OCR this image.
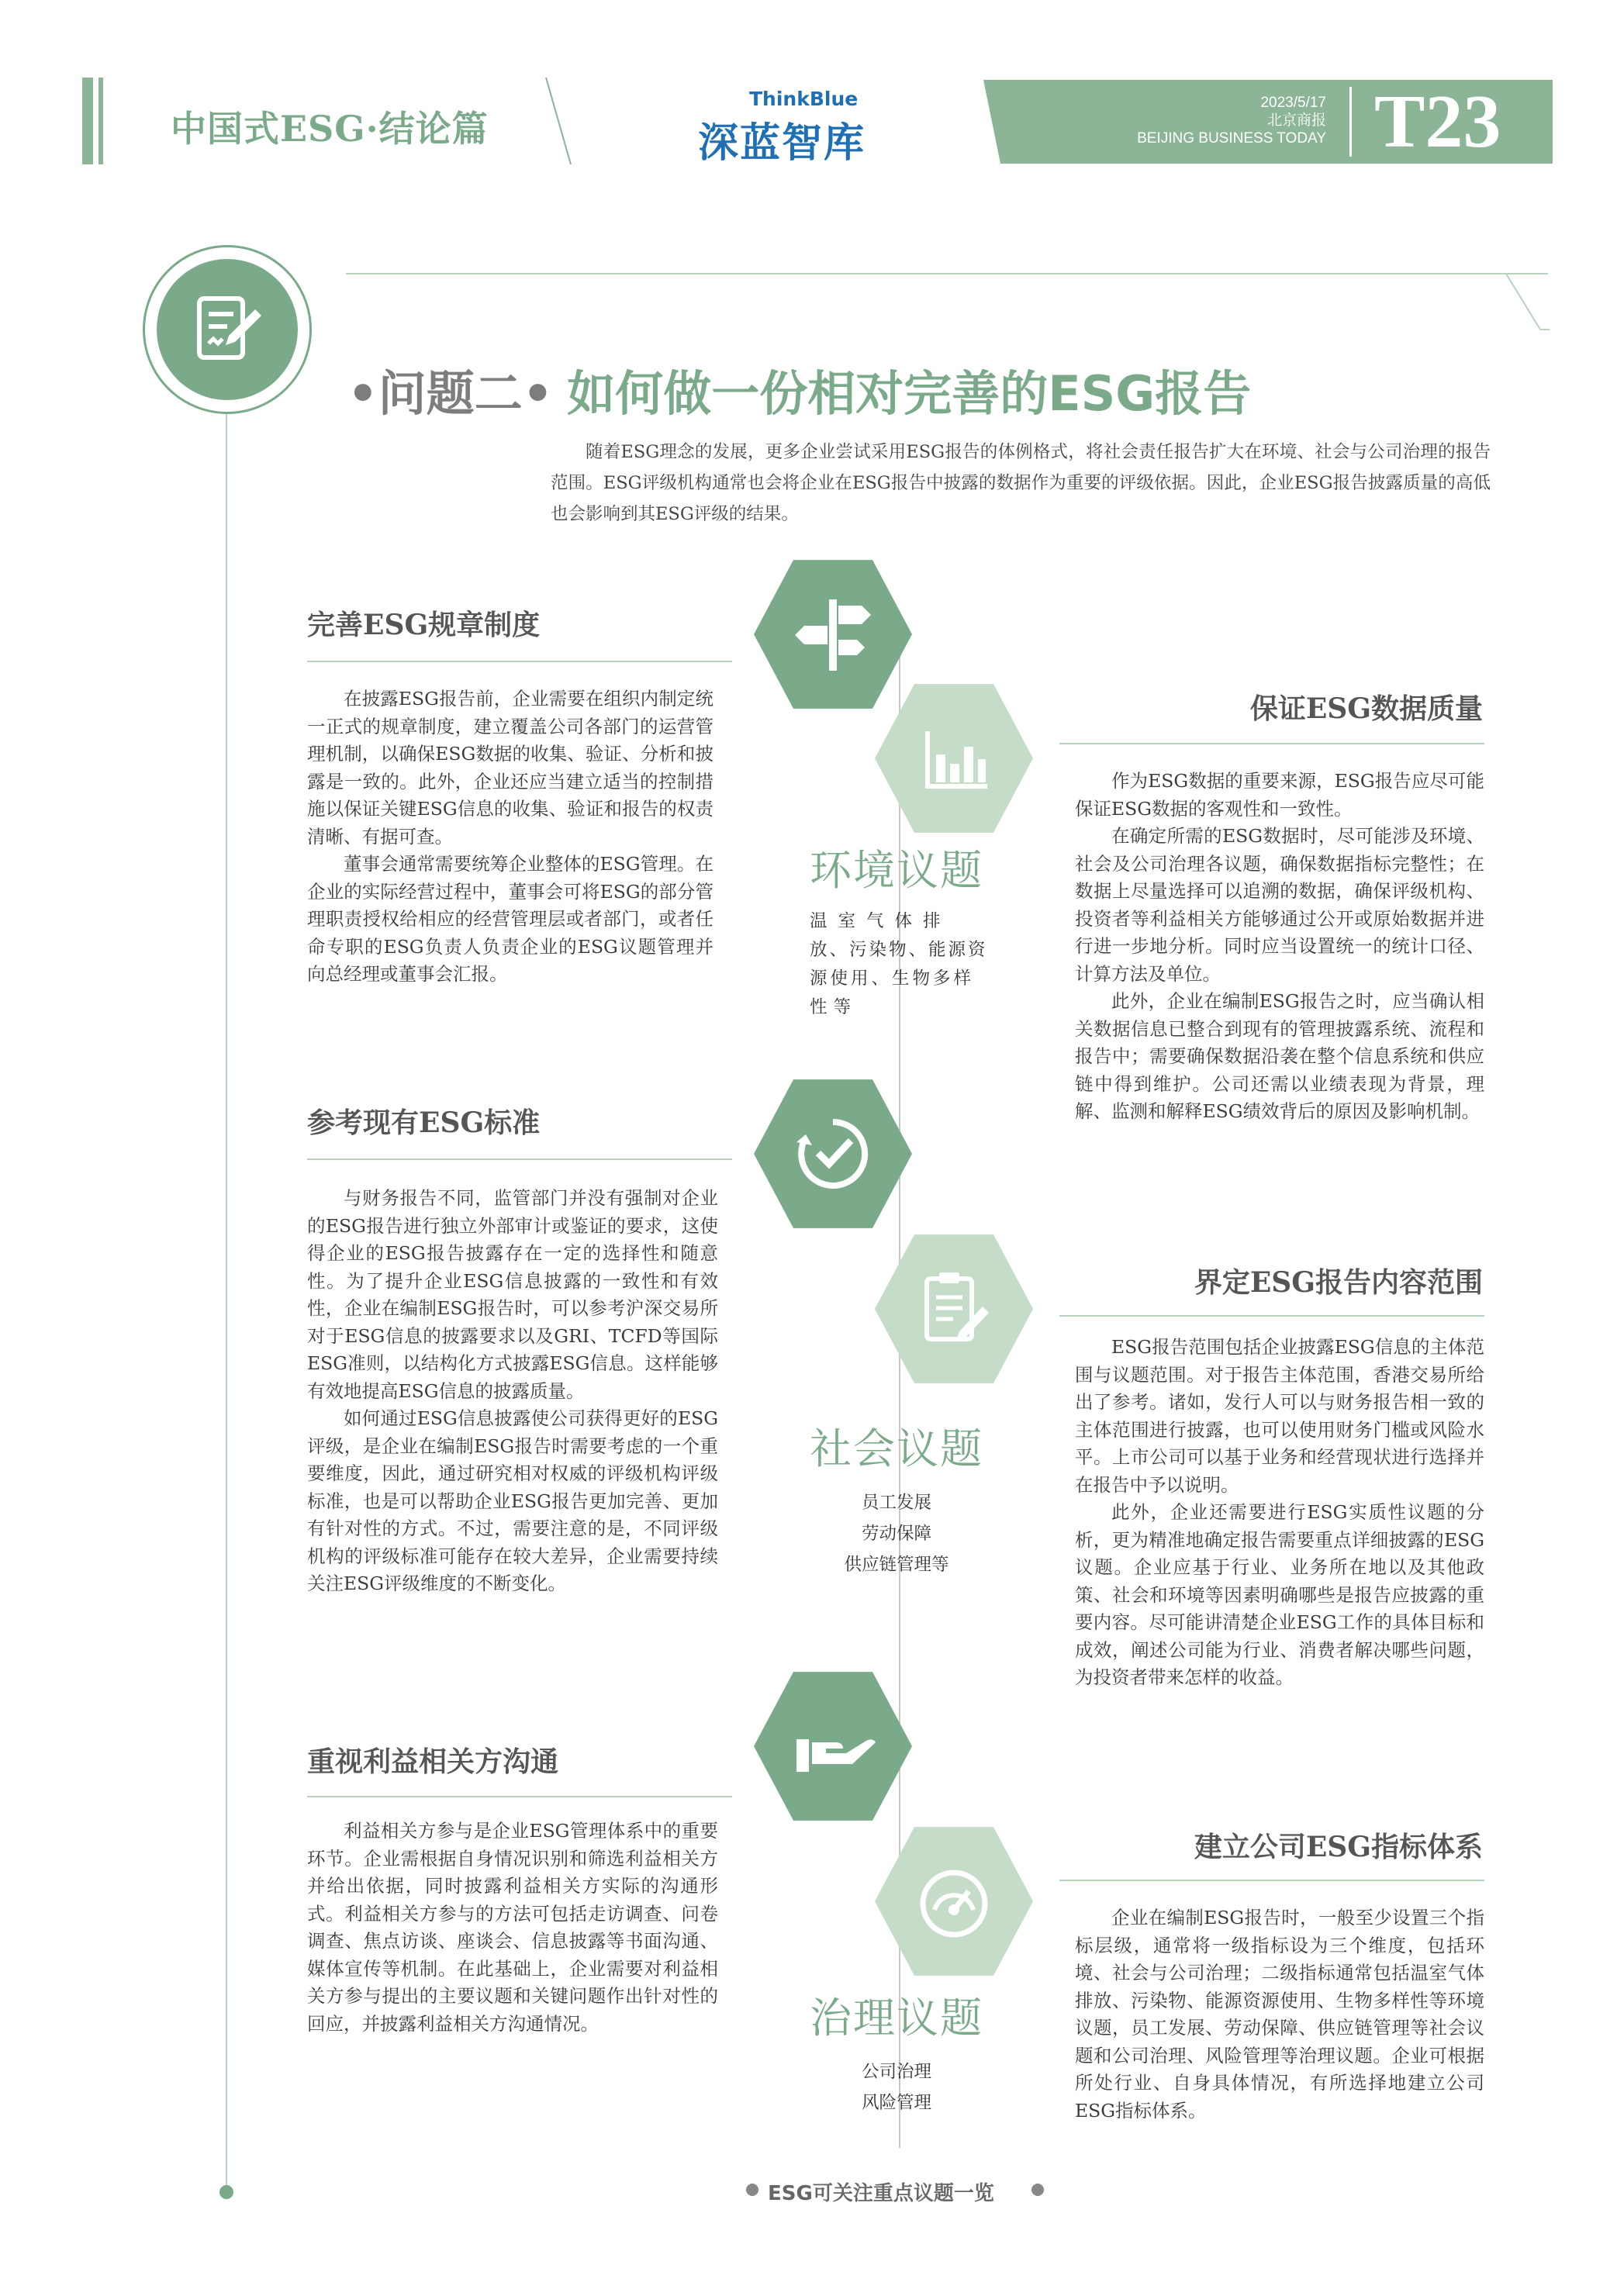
中国式ESG·结论篇
ThinkBlue
深蓝智库
2023/5/17
北京商报
BEIJING BUSINESS TODAY T23
•问题二• 如何做一份相对完善的ESG报告

随着ESG理念的发展，更多企业尝试采用ESG报告的体例格式，将社会责任报告扩大在环境、社会与公司治理的报告范围。ESG评级机构通常也会将企业在ESG报告中披露的数据作为重要的评级依据。因此，企业ESG报告披露质量的高低也会影响到其ESG评级的结果。

环境议题
温室气体排
放、污染物、能源资
源使用、生物多样
性等
社会议题
员工发展
劳动保障
供应链管理等
治理议题
公司治理
风险管理
ESG可关注重点议题一览
完善ESG规章制度

在披露ESG报告前，企业需要在组织内制定统一正式的规章制度，建立覆盖公司各部门的运营管理机制，以确保ESG数据的收集、验证、分析和披露是一致的。此外，企业还应当建立适当的控制措施以保证关键ESG信息的收集、验证和报告的权责清晰、有据可查。

董事会通常需要统筹企业整体的ESG管理。在企业的实际经营过程中，董事会可将ESG的部分管理职责授权给相应的经营管理层或者部门，或者任命专职的ESG负责人负责企业的ESG议题管理并向总经理或董事会汇报。

参考现有ESG标准

与财务报告不同，监管部门并没有强制对企业的ESG报告进行独立外部审计或鉴证的要求，这使得企业的ESG报告披露存在一定的选择性和随意性。为了提升企业ESG信息披露的一致性和有效性，企业在编制ESG报告时，可以参考沪深交易所对于ESG信息的披露要求以及GRI、TCFD等国际ESG准则，以结构化方式披露ESG信息。这样能够有效地提高ESG信息的披露质量。

如何通过ESG信息披露使公司获得更好的ESG评级，是企业在编制ESG报告时需要考虑的一个重要维度，因此，通过研究相对权威的评级机构评级标准，也是可以帮助企业ESG报告更加完善、更加有针对性的方式。不过，需要注意的是，不同评级机构的评级标准可能存在较大差异，企业需要持续关注ESG评级维度的不断变化。

重视利益相关方沟通

利益相关方参与是企业ESG管理体系中的重要环节。企业需根据自身情况识别和筛选利益相关方并给出依据，同时披露利益相关方实际的沟通形式。利益相关方参与的方法可包括走访调查、问卷调查、焦点访谈、座谈会、信息披露等书面沟通、媒体宣传等机制。在此基础上，企业需要对利益相关方参与提出的主要议题和关键问题作出针对性的回应，并披露利益相关方沟通情况。

保证ESG数据质量

作为ESG数据的重要来源，ESG报告应尽可能保证ESG数据的客观性和一致性。

在确定所需的ESG数据时，尽可能涉及环境、社会及公司治理各议题，确保数据指标完整性；在数据上尽量选择可以追溯的数据，确保评级机构、投资者等利益相关方能够通过公开或原始数据并进行进一步地分析。同时应当设置统一的统计口径、计算方法及单位。

此外，企业在编制ESG报告之时，应当确认相关数据信息已整合到现有的管理披露系统、流程和报告中；需要确保数据沿袭在整个信息系统和供应链中得到维护。公司还需以业绩表现为背景，理解、监测和解释ESG绩效背后的原因及影响机制。

界定ESG报告内容范围

ESG报告范围包括企业披露ESG信息的主体范围与议题范围。对于报告主体范围，香港交易所给出了参考。诸如，发行人可以与财务报告相一致的主体范围进行披露，也可以使用财务门槛或风险水平。上市公司可以基于业务和经营现状进行选择并在报告中予以说明。

此外，企业还需要进行ESG实质性议题的分析，更为精准地确定报告需要重点详细披露的ESG议题。企业应基于行业、业务所在地以及其他政策、社会和环境等因素明确哪些是报告应披露的重要内容。尽可能讲清楚企业ESG工作的具体目标和成效，阐述公司能为行业、消费者解决哪些问题，为投资者带来怎样的收益。

建立公司ESG指标体系

企业在编制ESG报告时，一般至少设置三个指标层级，通常将一级指标设为三个维度，包括环境、社会与公司治理；二级指标通常包括温室气体排放、污染物、能源资源使用、生物多样性等环境议题，员工发展、劳动保障、供应链管理等社会议题和公司治理、风险管理等治理议题。企业可根据所处行业、自身具体情况，有所选择地建立公司ESG指标体系。
